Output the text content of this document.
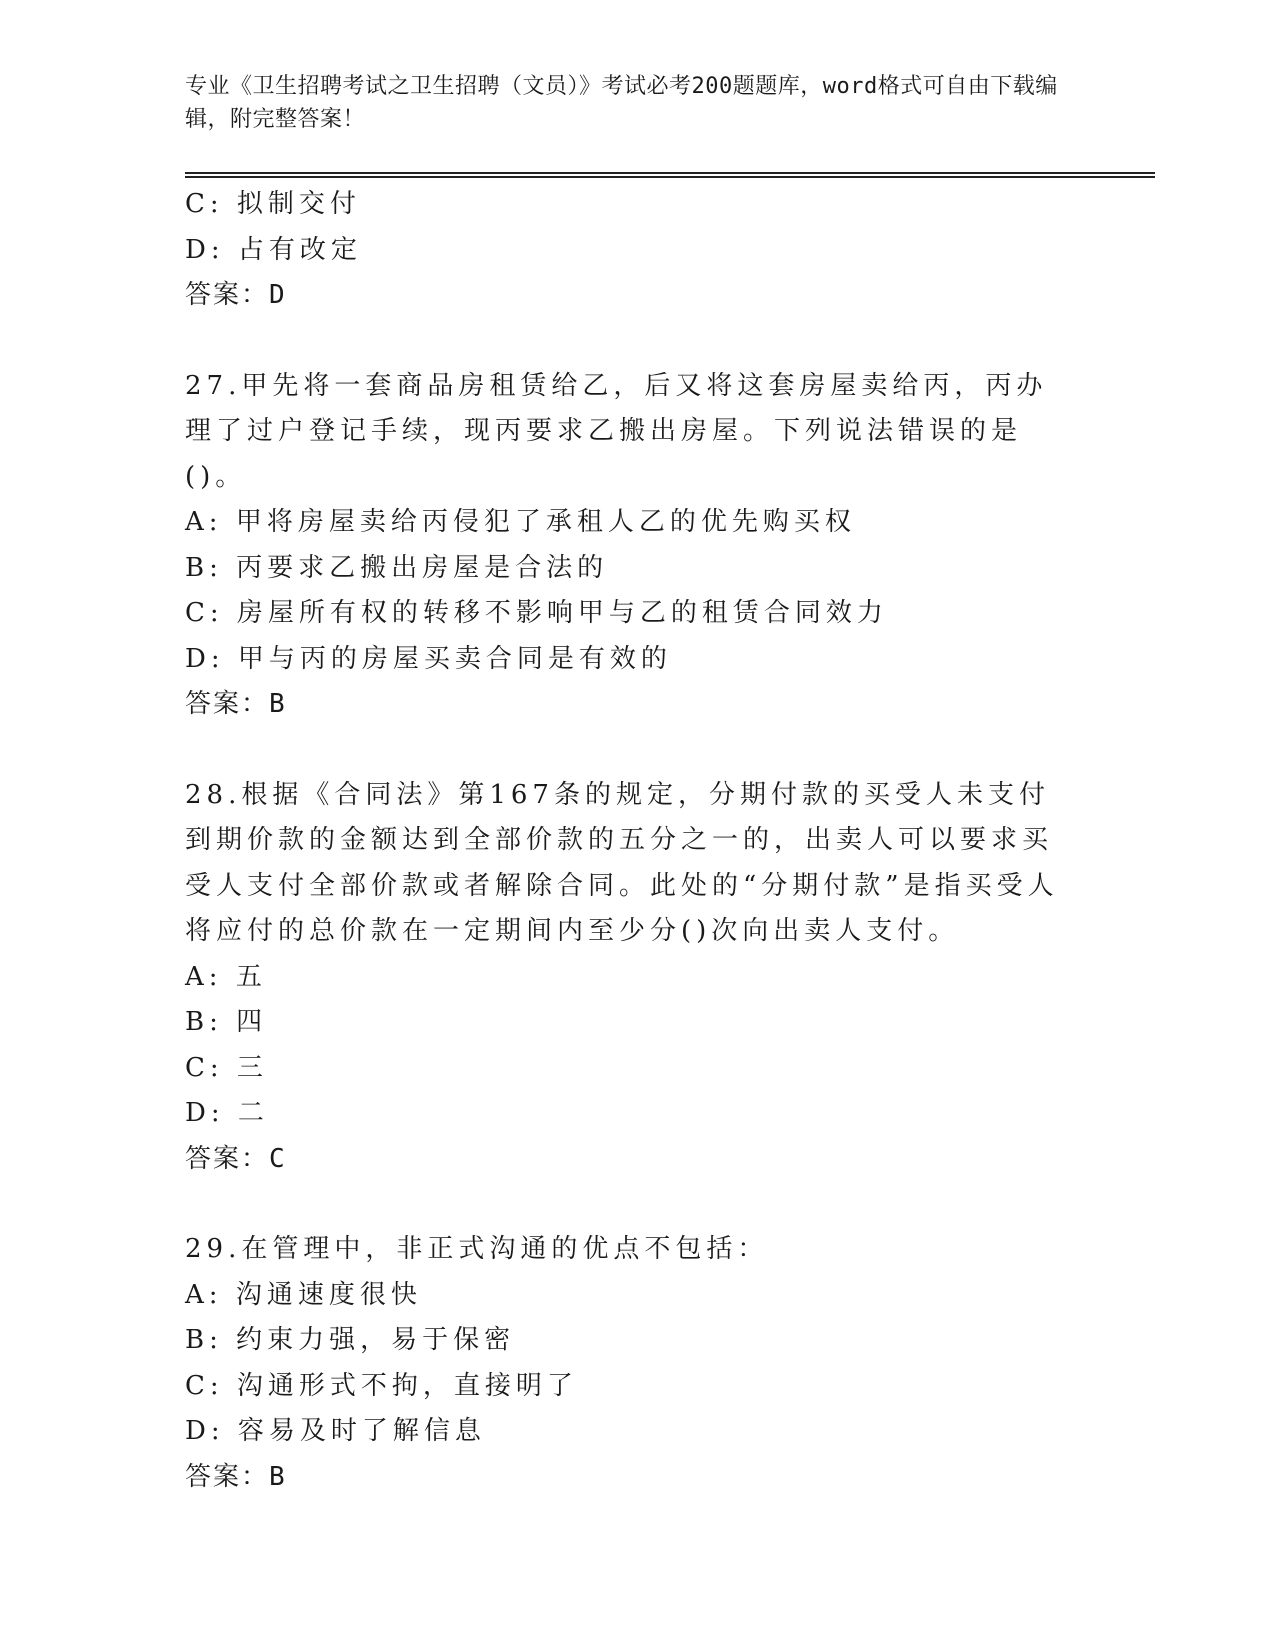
专业《卫生招聘考试之卫生招聘（文员）》考试必考200题题库，word格式可自由下载编辑，附完整答案！

C: 拟制交付
D: 占有改定
答案：D
27.甲先将一套商品房租赁给乙，后又将这套房屋卖给丙，丙办理了过户登记手续，现丙要求乙搬出房屋。下列说法错误的是()。
A: 甲将房屋卖给丙侵犯了承租人乙的优先购买权
B: 丙要求乙搬出房屋是合法的
C: 房屋所有权的转移不影响甲与乙的租赁合同效力
D: 甲与丙的房屋买卖合同是有效的
答案：B
28.根据《合同法》第167条的规定，分期付款的买受人未支付到期价款的金额达到全部价款的五分之一的，出卖人可以要求买受人支付全部价款或者解除合同。此处的“分期付款”是指买受人将应付的总价款在一定期间内至少分()次向出卖人支付。
A: 五
B: 四
C: 三
D: 二
答案：C
29.在管理中，非正式沟通的优点不包括：
A: 沟通速度很快
B: 约束力强，易于保密
C: 沟通形式不拘，直接明了
D: 容易及时了解信息
答案：B
